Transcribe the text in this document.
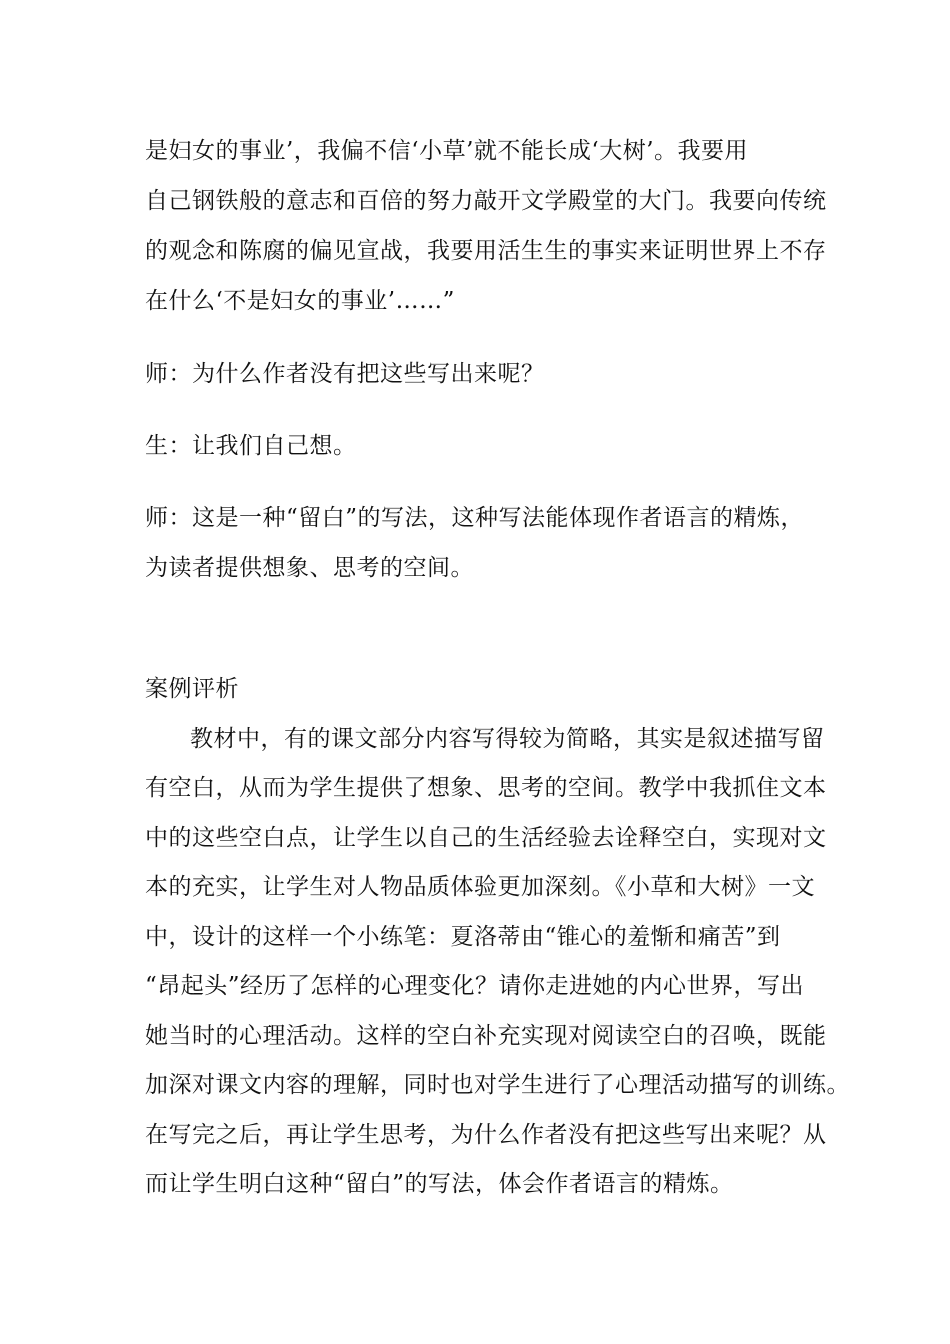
是妇女的事业’，我偏不信‘小草’就不能长成‘大树’。我要用
自己钢铁般的意志和百倍的努力敲开文学殿堂的大门。我要向传统
的观念和陈腐的偏见宣战，我要用活生生的事实来证明世界上不存
在什么‘不是妇女的事业’……”
师：为什么作者没有把这些写出来呢？
生：让我们自己想。
师：这是一种“留白”的写法，这种写法能体现作者语言的精炼，
为读者提供想象、思考的空间。
案例评析
教材中，有的课文部分内容写得较为简略，其实是叙述描写留
有空白，从而为学生提供了想象、思考的空间。教学中我抓住文本
中的这些空白点，让学生以自己的生活经验去诠释空白，实现对文
本的充实，让学生对人物品质体验更加深刻。《小草和大树》一文
中，设计的这样一个小练笔：夏洛蒂由“锥心的羞惭和痛苦”到
“昂起头”经历了怎样的心理变化？请你走进她的内心世界，写出
她当时的心理活动。这样的空白补充实现对阅读空白的召唤，既能
加深对课文内容的理解，同时也对学生进行了心理活动描写的训练。
在写完之后，再让学生思考，为什么作者没有把这些写出来呢？从
而让学生明白这种“留白”的写法，体会作者语言的精炼。
